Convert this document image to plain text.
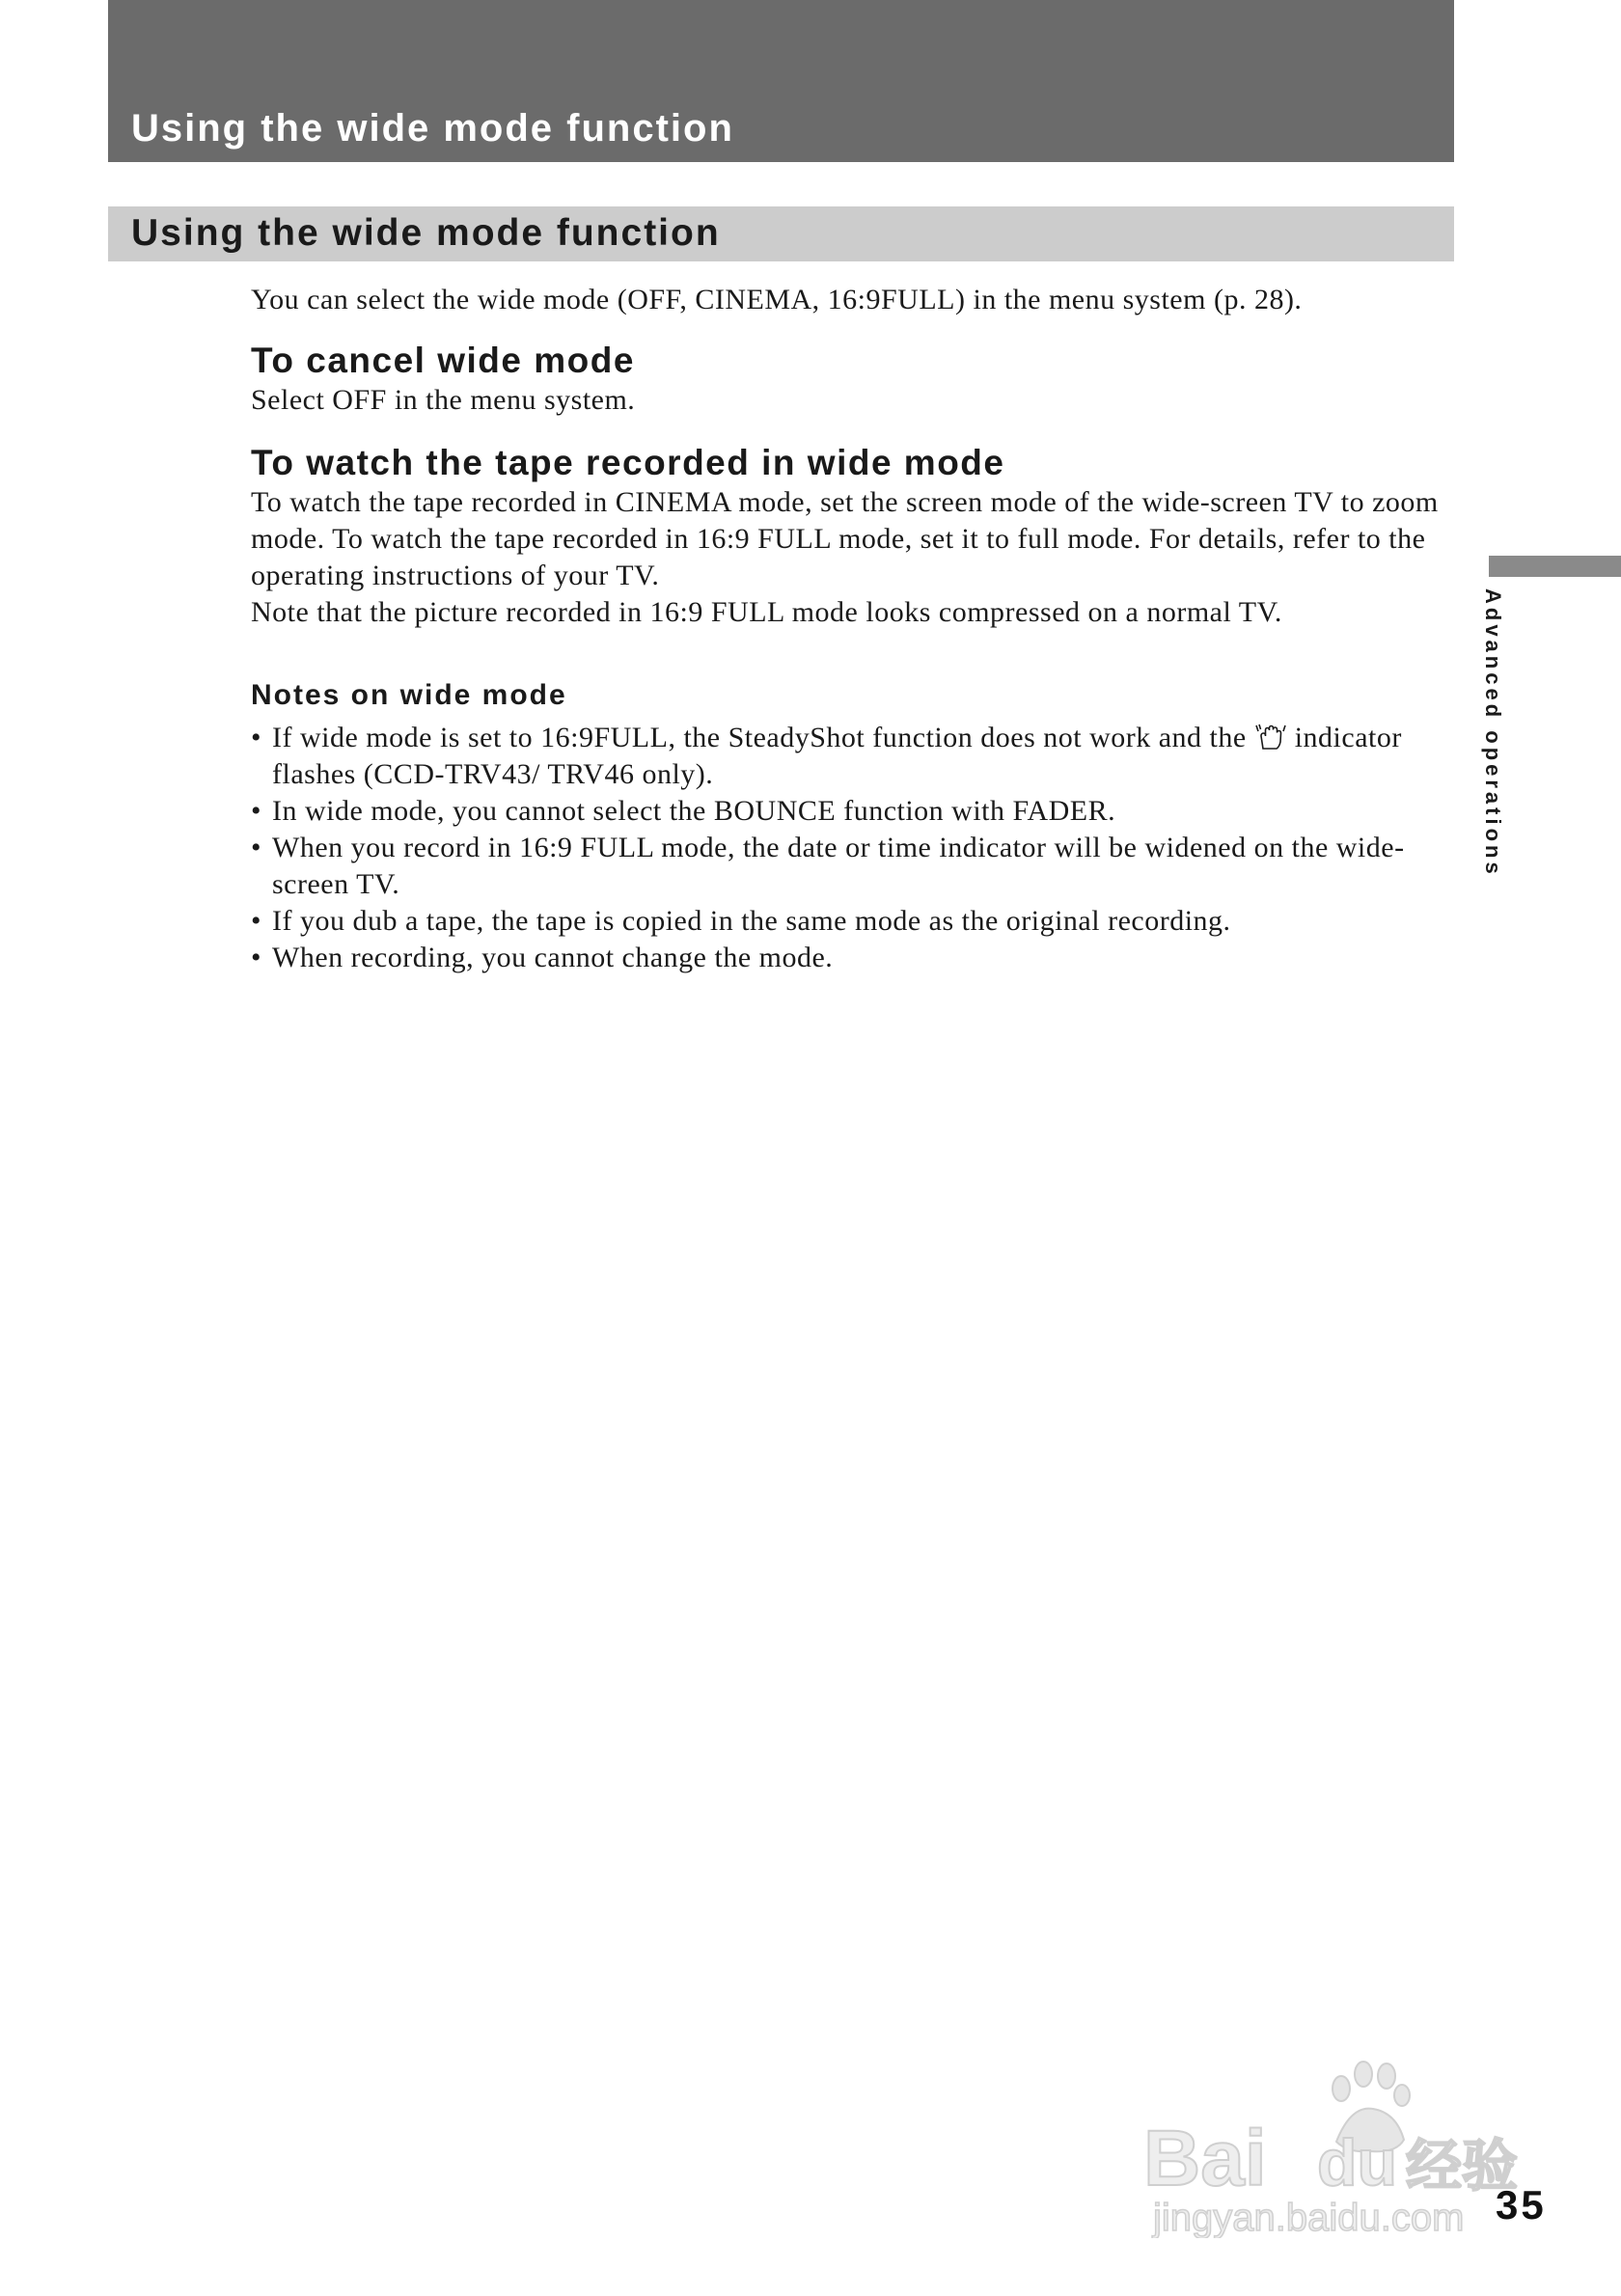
Using the wide mode function
Using the wide mode function

You can select the wide mode (OFF, CINEMA, 16:9FULL) in the menu system (p. 28).

To cancel wide mode

Select OFF in the menu system.

To watch the tape recorded in wide mode

To watch the tape recorded in CINEMA mode, set the screen mode of the wide-screen TV to zoom mode. To watch the tape recorded in 16:9 FULL mode, set it to full mode. For details, refer to the operating instructions of your TV.

Note that the picture recorded in 16:9 FULL mode looks compressed on a normal TV.

Notes on wide mode
• If wide mode is set to 16:9FULL, the SteadyShot function does not work and the indicator flashes (CCD-TRV43/ TRV46 only).
• In wide mode, you cannot select the BOUNCE function with FADER.
• When you record in 16:9 FULL mode, the date or time indicator will be widened on the wide-screen TV.
• If you dub a tape, the tape is copied in the same mode as the original recording.
• When recording, you cannot change the mode.
Advanced operations
Bai du 经验
jingyan.baidu.com 35
